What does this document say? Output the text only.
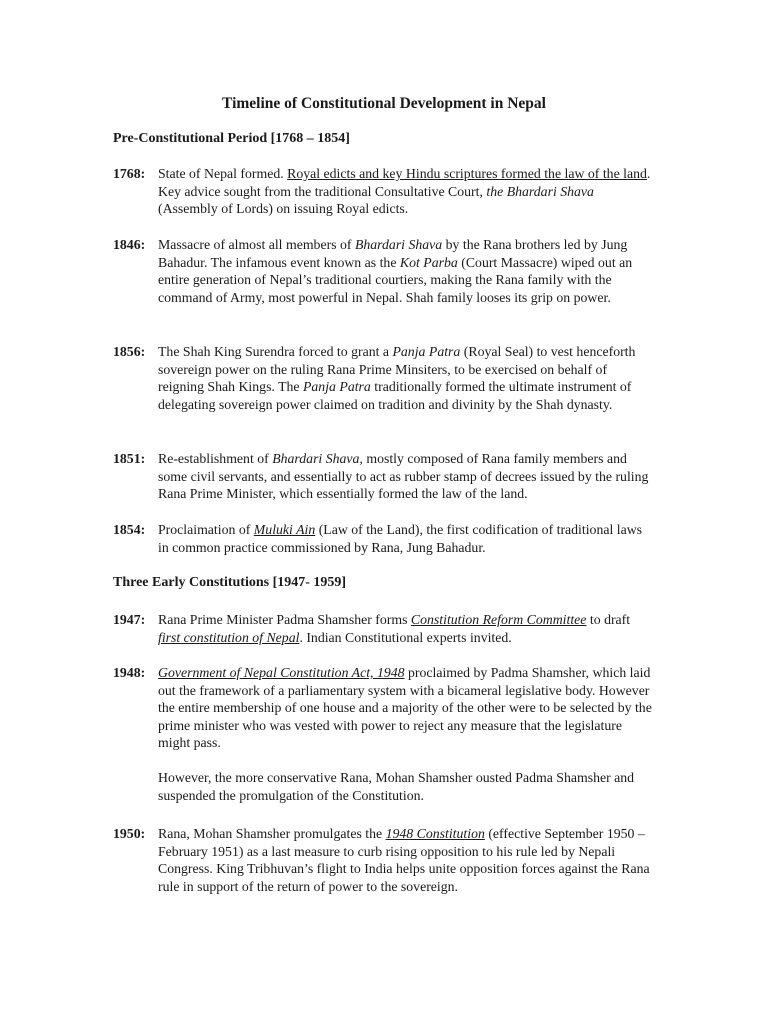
Timeline of Constitutional Development in Nepal
Pre-Constitutional Period [1768 – 1854]
1768: State of Nepal formed. Royal edicts and key Hindu scriptures formed the law of the land. Key advice sought from the traditional Consultative Court, the Bhardari Shava (Assembly of Lords) on issuing Royal edicts.
1846: Massacre of almost all members of Bhardari Shava by the Rana brothers led by Jung Bahadur. The infamous event known as the Kot Parba (Court Massacre) wiped out an entire generation of Nepal’s traditional courtiers, making the Rana family with the command of Army, most powerful in Nepal. Shah family looses its grip on power.
1856: The Shah King Surendra forced to grant a Panja Patra (Royal Seal) to vest henceforth sovereign power on the ruling Rana Prime Minsiters, to be exercised on behalf of reigning Shah Kings. The Panja Patra traditionally formed the ultimate instrument of delegating sovereign power claimed on tradition and divinity by the Shah dynasty.
1851: Re-establishment of Bhardari Shava, mostly composed of Rana family members and some civil servants, and essentially to act as rubber stamp of decrees issued by the ruling Rana Prime Minister, which essentially formed the law of the land.
1854: Proclaimation of Muluki Ain (Law of the Land), the first codification of traditional laws in common practice commissioned by Rana, Jung Bahadur.
Three Early Constitutions [1947- 1959]
1947: Rana Prime Minister Padma Shamsher forms Constitution Reform Committee to draft first constitution of Nepal. Indian Constitutional experts invited.
1948: Government of Nepal Constitution Act, 1948 proclaimed by Padma Shamsher, which laid out the framework of a parliamentary system with a bicameral legislative body. However the entire membership of one house and a majority of the other were to be selected by the prime minister who was vested with power to reject any measure that the legislature might pass.
However, the more conservative Rana, Mohan Shamsher ousted Padma Shamsher and suspended the promulgation of the Constitution.
1950: Rana, Mohan Shamsher promulgates the 1948 Constitution (effective September 1950 – February 1951) as a last measure to curb rising opposition to his rule led by Nepali Congress. King Tribhuvan’s flight to India helps unite opposition forces against the Rana rule in support of the return of power to the sovereign.
